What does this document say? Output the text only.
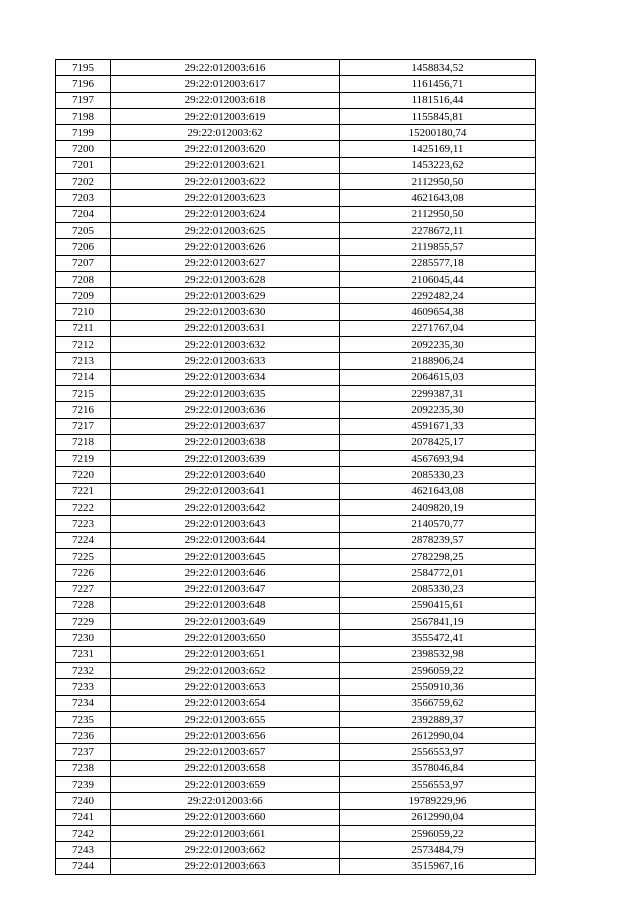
7195	29:22:012003:616	1458834,52
7196	29:22:012003:617	1161456,71
7197	29:22:012003:618	1181516,44
7198	29:22:012003:619	1155845,81
7199	29:22:012003:62	15200180,74
7200	29:22:012003:620	1425169,11
7201	29:22:012003:621	1453223,62
7202	29:22:012003:622	2112950,50
7203	29:22:012003:623	4621643,08
7204	29:22:012003:624	2112950,50
7205	29:22:012003:625	2278672,11
7206	29:22:012003:626	2119855,57
7207	29:22:012003:627	2285577,18
7208	29:22:012003:628	2106045,44
7209	29:22:012003:629	2292482,24
7210	29:22:012003:630	4609654,38
7211	29:22:012003:631	2271767,04
7212	29:22:012003:632	2092235,30
7213	29:22:012003:633	2188906,24
7214	29:22:012003:634	2064615,03
7215	29:22:012003:635	2299387,31
7216	29:22:012003:636	2092235,30
7217	29:22:012003:637	4591671,33
7218	29:22:012003:638	2078425,17
7219	29:22:012003:639	4567693,94
7220	29:22:012003:640	2085330,23
7221	29:22:012003:641	4621643,08
7222	29:22:012003:642	2409820,19
7223	29:22:012003:643	2140570,77
7224	29:22:012003:644	2878239,57
7225	29:22:012003:645	2782298,25
7226	29:22:012003:646	2584772,01
7227	29:22:012003:647	2085330,23
7228	29:22:012003:648	2590415,61
7229	29:22:012003:649	2567841,19
7230	29:22:012003:650	3555472,41
7231	29:22:012003:651	2398532,98
7232	29:22:012003:652	2596059,22
7233	29:22:012003:653	2550910,36
7234	29:22:012003:654	3566759,62
7235	29:22:012003:655	2392889,37
7236	29:22:012003:656	2612990,04
7237	29:22:012003:657	2556553,97
7238	29:22:012003:658	3578046,84
7239	29:22:012003:659	2556553,97
7240	29:22:012003:66	19789229,96
7241	29:22:012003:660	2612990,04
7242	29:22:012003:661	2596059,22
7243	29:22:012003:662	2573484,79
7244	29:22:012003:663	3515967,16
